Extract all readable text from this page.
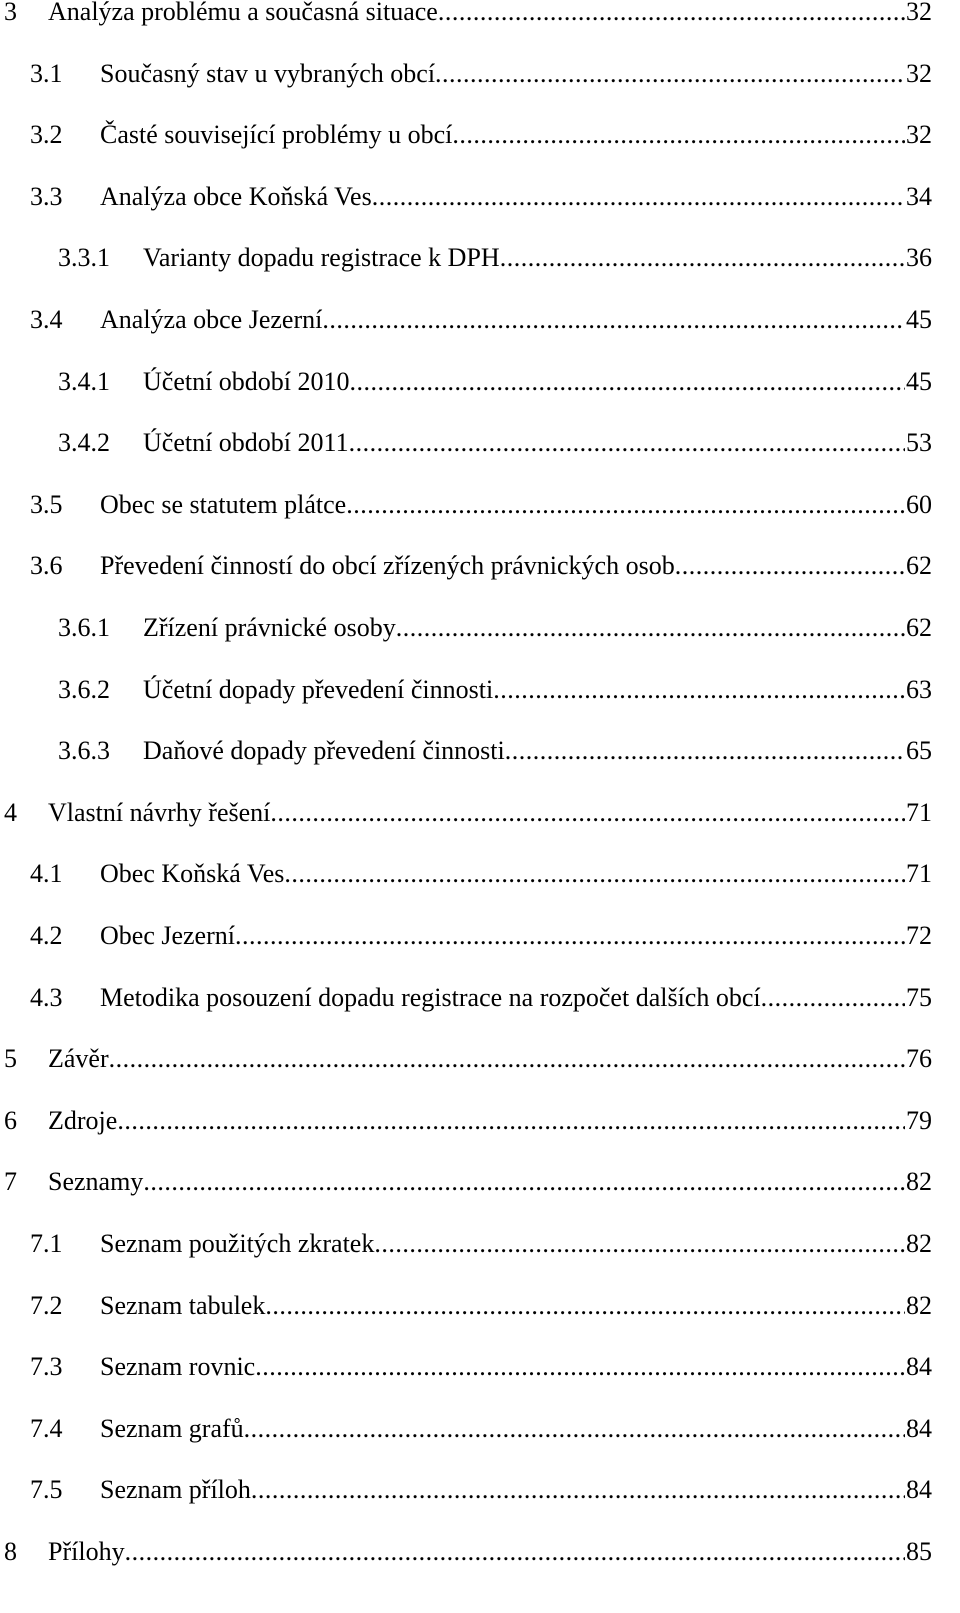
3 Analýza problému a současná situace .....	32
3.1 Současný stav u vybraných obcí .....	32
3.2 Časté související problémy u obcí .....	32
3.3 Analýza obce Koňská Ves .....	34
3.3.1 Varianty dopadu registrace k DPH .....	36
3.4 Analýza obce Jezerní .....	45
3.4.1 Účetní období 2010 .....	45
3.4.2 Účetní období 2011 .....	53
3.5 Obec se statutem plátce .....	60
3.6 Převedení činností do obcí zřízených právnických osob .....	62
3.6.1 Zřízení právnické osoby .....	62
3.6.2 Účetní dopady převedení činnosti .....	63
3.6.3 Daňové dopady převedení činnosti .....	65
4 Vlastní návrhy řešení .....	71
4.1 Obec Koňská Ves .....	71
4.2 Obec Jezerní .....	72
4.3 Metodika posouzení dopadu registrace na rozpočet dalších obcí .....	75
5 Závěr .....	76
6 Zdroje .....	79
7 Seznamy .....	82
7.1 Seznam použitých zkratek .....	82
7.2 Seznam tabulek .....	82
7.3 Seznam rovnic .....	84
7.4 Seznam grafů .....	84
7.5 Seznam příloh .....	84
8 Přílohy .....	85
